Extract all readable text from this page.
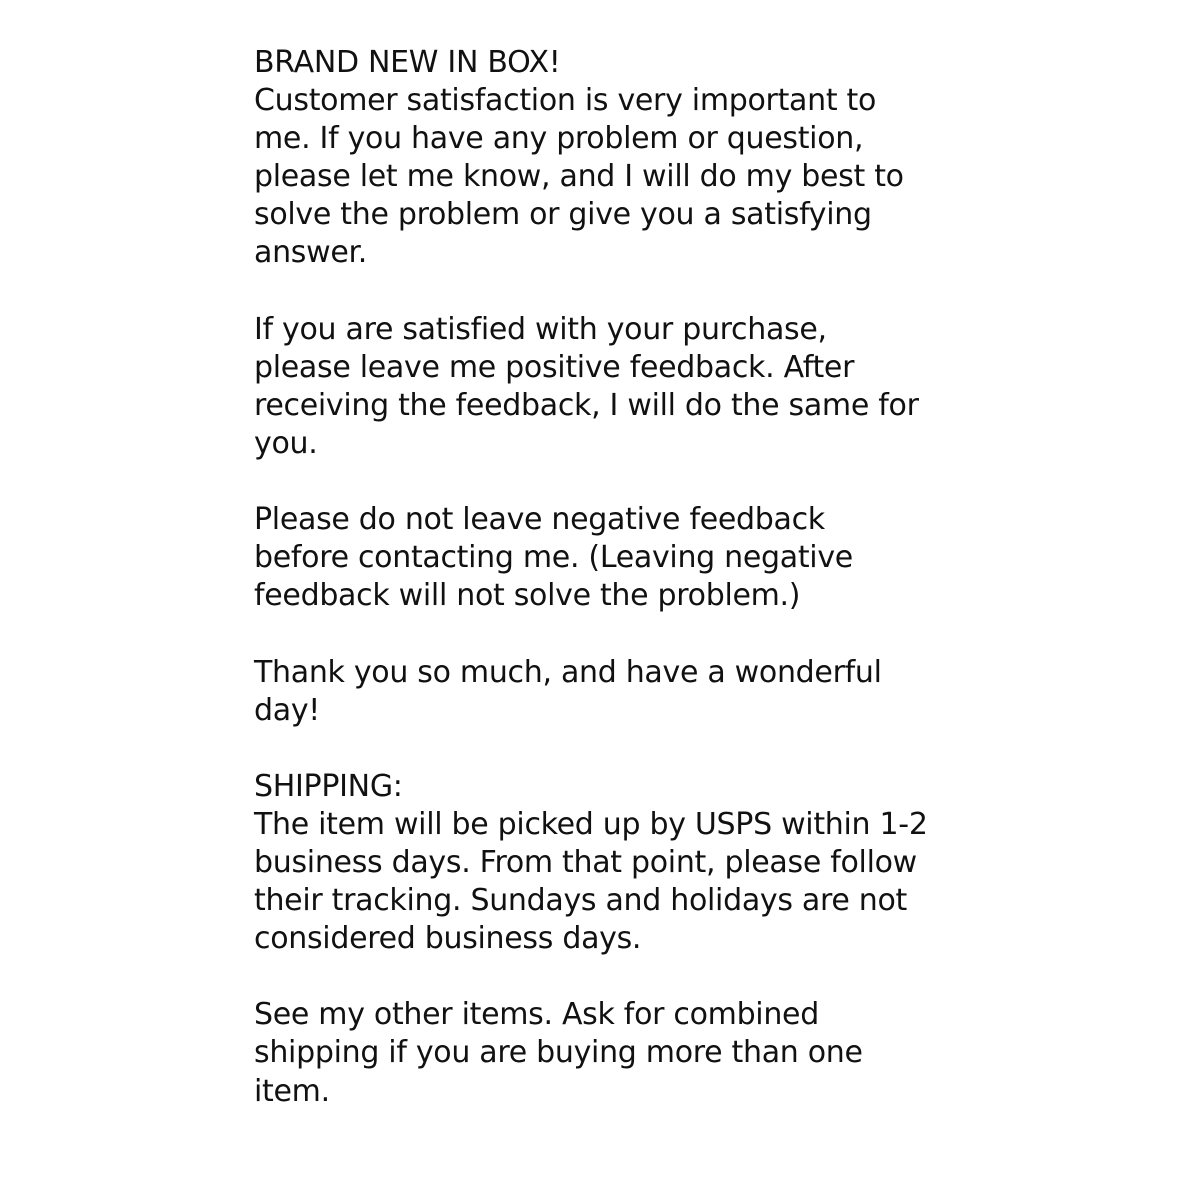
BRAND NEW IN BOX!
Customer satisfaction is very important to
me. If you have any problem or question,
please let me know, and I will do my best to
solve the problem or give you a satisfying
answer.

If you are satisfied with your purchase,
please leave me positive feedback. After
receiving the feedback, I will do the same for
you.

Please do not leave negative feedback
before contacting me. (Leaving negative
feedback will not solve the problem.)

Thank you so much, and have a wonderful
day!

SHIPPING:
The item will be picked up by USPS within 1-2
business days. From that point, please follow
their tracking. Sundays and holidays are not
considered business days.

See my other items. Ask for combined
shipping if you are buying more than one
item.
